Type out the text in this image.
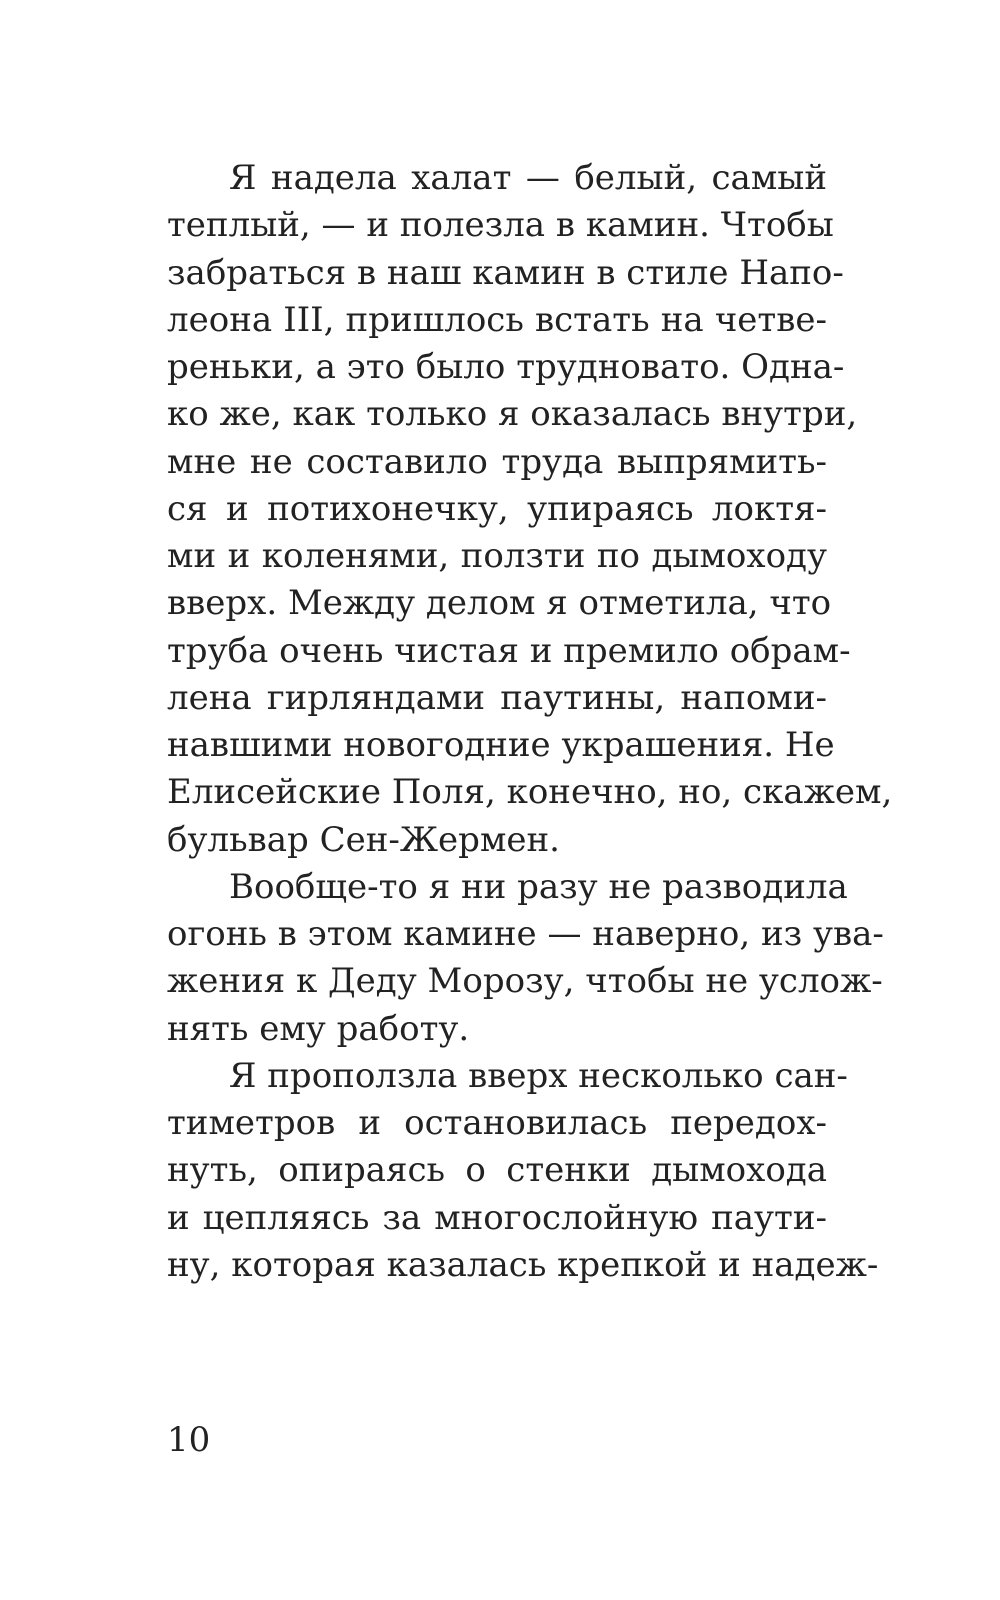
Я надела халат — белый, самый
теплый, — и полезла в камин. Чтобы
забраться в наш камин в стиле Напо-
леона III, пришлось встать на четве-
реньки, а это было трудновато. Одна-
ко же, как только я оказалась внутри,
мне не составило труда выпрямить-
ся и потихонечку, упираясь локтя-
ми и коленями, ползти по дымоходу
вверх. Между делом я отметила, что
труба очень чистая и премило обрам-
лена гирляндами паутины, напоми-
навшими новогодние украшения. Не
Елисейские Поля, конечно, но, скажем,
бульвар Сен-Жермен.
Вообще-то я ни разу не разводила
огонь в этом камине — наверно, из ува-
жения к Деду Морозу, чтобы не услож-
нять ему работу.
Я проползла вверх несколько сан-
тиметров и остановилась передох-
нуть, опираясь о стенки дымохода
и цепляясь за многослойную паути-
ну, которая казалась крепкой и надеж-
10
